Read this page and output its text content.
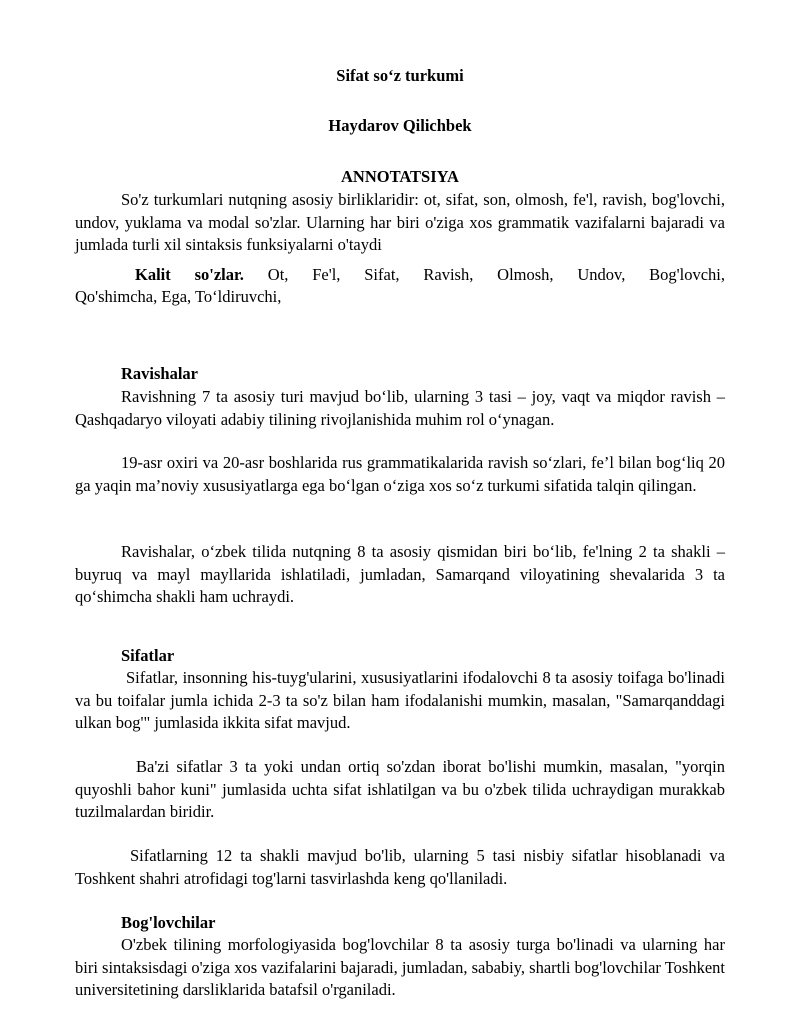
Sifat so‘z turkumi
Haydarov Qilichbek
ANNOTATSIYA
So'z turkumlari nutqning asosiy birliklaridir: ot, sifat, son, olmosh, fe'l, ravish, bog'lovchi, undov, yuklama va modal so'zlar. Ularning har biri o'ziga xos grammatik vazifalarni bajaradi va jumlada turli xil sintaksis funksiyalarni o'taydi
Kalit so'zlar. Ot, Fe'l, Sifat, Ravish, Olmosh, Undov, Bog'lovchi,
Qo'shimcha, Ega, To‘ldiruvchi,
Ravishalar
Ravishning 7 ta asosiy turi mavjud bo‘lib, ularning 3 tasi – joy, vaqt va miqdor ravish – Qashqadaryo viloyati adabiy tilining rivojlanishida muhim rol o‘ynagan.
19-asr oxiri va 20-asr boshlarida rus grammatikalarida ravish so‘zlari, fe’l bilan bog‘liq 20 ga yaqin ma’noviy xususiyatlarga ega bo‘lgan o‘ziga xos so‘z turkumi sifatida talqin qilingan.
Ravishalar, o‘zbek tilida nutqning 8 ta asosiy qismidan biri bo‘lib, fe'lning 2 ta shakli – buyruq va mayl mayllarida ishlatiladi, jumladan, Samarqand viloyatining shevalarida 3 ta qo‘shimcha shakli ham uchraydi.
Sifatlar
Sifatlar, insonning his-tuyg'ularini, xususiyatlarini ifodalovchi 8 ta asosiy toifaga bo'linadi va bu toifalar jumla ichida 2-3 ta so'z bilan ham ifodalanishi mumkin, masalan, "Samarqanddagi ulkan bog'" jumlasida ikkita sifat mavjud.
Ba'zi sifatlar 3 ta yoki undan ortiq so'zdan iborat bo'lishi mumkin, masalan, "yorqin quyoshli bahor kuni" jumlasida uchta sifat ishlatilgan va bu o'zbek tilida uchraydigan murakkab tuzilmalardan biridir.
Sifatlarning 12 ta shakli mavjud bo'lib, ularning 5 tasi nisbiy sifatlar hisoblanadi va Toshkent shahri atrofidagi tog'larni tasvirlashda keng qo'llaniladi.
Bog'lovchilar
O'zbek tilining morfologiyasida bog'lovchilar 8 ta asosiy turga bo'linadi va ularning har biri sintaksisdagi o'ziga xos vazifalarini bajaradi, jumladan, sababiy, shartli bog'lovchilar Toshkent universitetining darsliklarida batafsil o'rganiladi.
